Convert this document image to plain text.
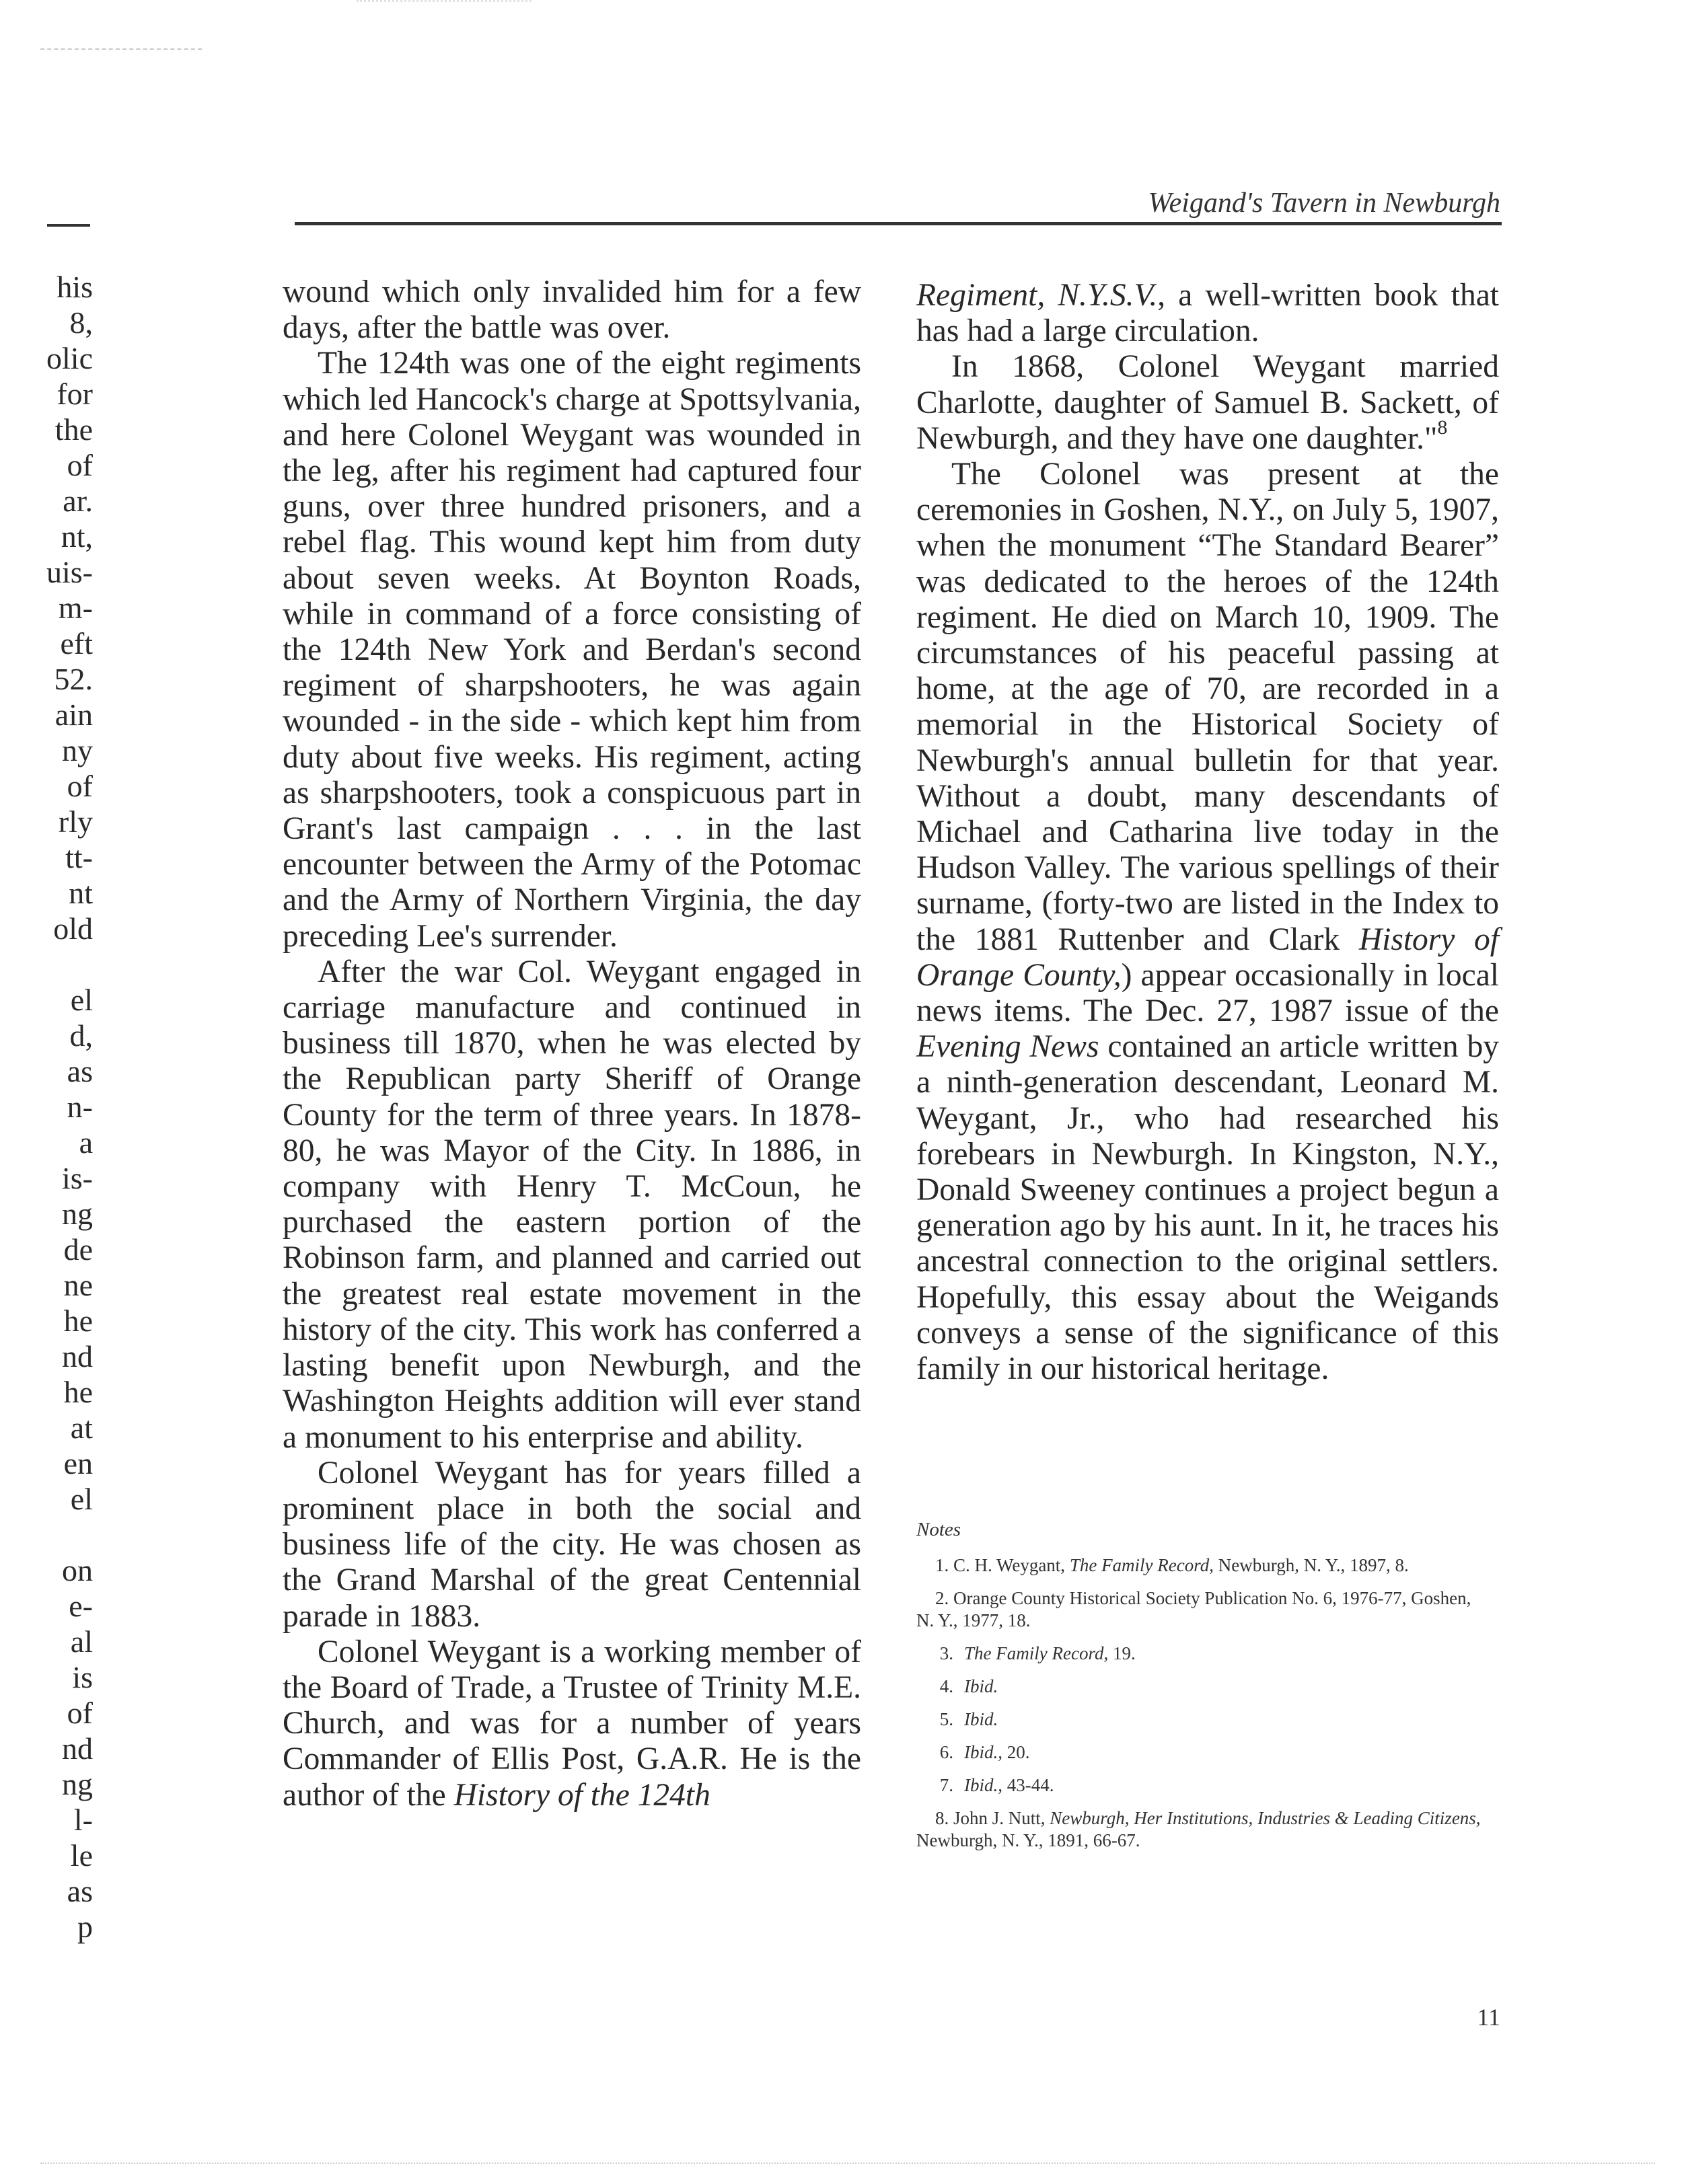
his
8,
olic
for
the
of
ar.
nt,
uis-
m-
eft
52.
ain
ny
of
rly
tt-
nt
old
el
d,
as
n-
a
is-
ng
de
ne
he
nd
he
at
en
el
on
e-
al
is
of
nd
ng
l-
le
as
p
Weigand's Tavern in Newburgh

wound which only invalided him for a few days, after the battle was over.

The 124th was one of the eight regiments which led Hancock's charge at Spottsylvania, and here Colonel Weygant was wounded in the leg, after his regiment had captured four guns, over three hundred prisoners, and a rebel flag. This wound kept him from duty about seven weeks. At Boynton Roads, while in command of a force consisting of the 124th New York and Berdan's second regiment of sharpshooters, he was again wounded - in the side - which kept him from duty about five weeks. His regiment, acting as sharpshooters, took a conspicuous part in Grant's last campaign . . . in the last encounter between the Army of the Potomac and the Army of Northern Virginia, the day preceding Lee's surrender.

After the war Col. Weygant engaged in carriage manufacture and continued in business till 1870, when he was elected by the Republican party Sheriff of Orange County for the term of three years. In 1878-80, he was Mayor of the City. In 1886, in company with Henry T. McCoun, he purchased the eastern portion of the Robinson farm, and planned and carried out the greatest real estate movement in the history of the city. This work has conferred a lasting benefit upon Newburgh, and the Washington Heights addition will ever stand a monument to his enterprise and ability.

Colonel Weygant has for years filled a prominent place in both the social and business life of the city. He was chosen as the Grand Marshal of the great Centennial parade in 1883.

Colonel Weygant is a working member of the Board of Trade, a Trustee of Trinity M.E. Church, and was for a number of years Commander of Ellis Post, G.A.R. He is the author of the History of the 124th

Regiment, N.Y.S.V., a well-written book that has had a large circulation.

In 1868, Colonel Weygant married Charlotte, daughter of Samuel B. Sackett, of Newburgh, and they have one daughter."$^8$

The Colonel was present at the ceremonies in Goshen, N.Y., on July 5, 1907, when the monument “The Standard Bearer” was dedicated to the heroes of the 124th regiment. He died on March 10, 1909. The circumstances of his peaceful passing at home, at the age of 70, are recorded in a memorial in the Historical Society of Newburgh's annual bulletin for that year. Without a doubt, many descendants of Michael and Catharina live today in the Hudson Valley. The various spellings of their surname, (forty-two are listed in the Index to the 1881 Ruttenber and Clark History of Orange County,) appear occasionally in local news items. The Dec. 27, 1987 issue of the Evening News contained an article written by a ninth-generation descendant, Leonard M. Weygant, Jr., who had researched his forebears in Newburgh. In Kingston, N.Y., Donald Sweeney continues a project begun a generation ago by his aunt. In it, he traces his ancestral connection to the original settlers. Hopefully, this essay about the Weigands conveys a sense of the significance of this family in our historical heritage.

Notes
1. C. H. Weygant, The Family Record, Newburgh, N. Y., 1897, 8.
2. Orange County Historical Society Publication No. 6, 1976-77, Goshen, N. Y., 1977, 18.
3. The Family Record, 19.
4. Ibid.
5. Ibid.
6. Ibid., 20.
7. Ibid., 43-44.
8. John J. Nutt, Newburgh, Her Institutions, Industries & Leading Citizens, Newburgh, N. Y., 1891, 66-67.
11
